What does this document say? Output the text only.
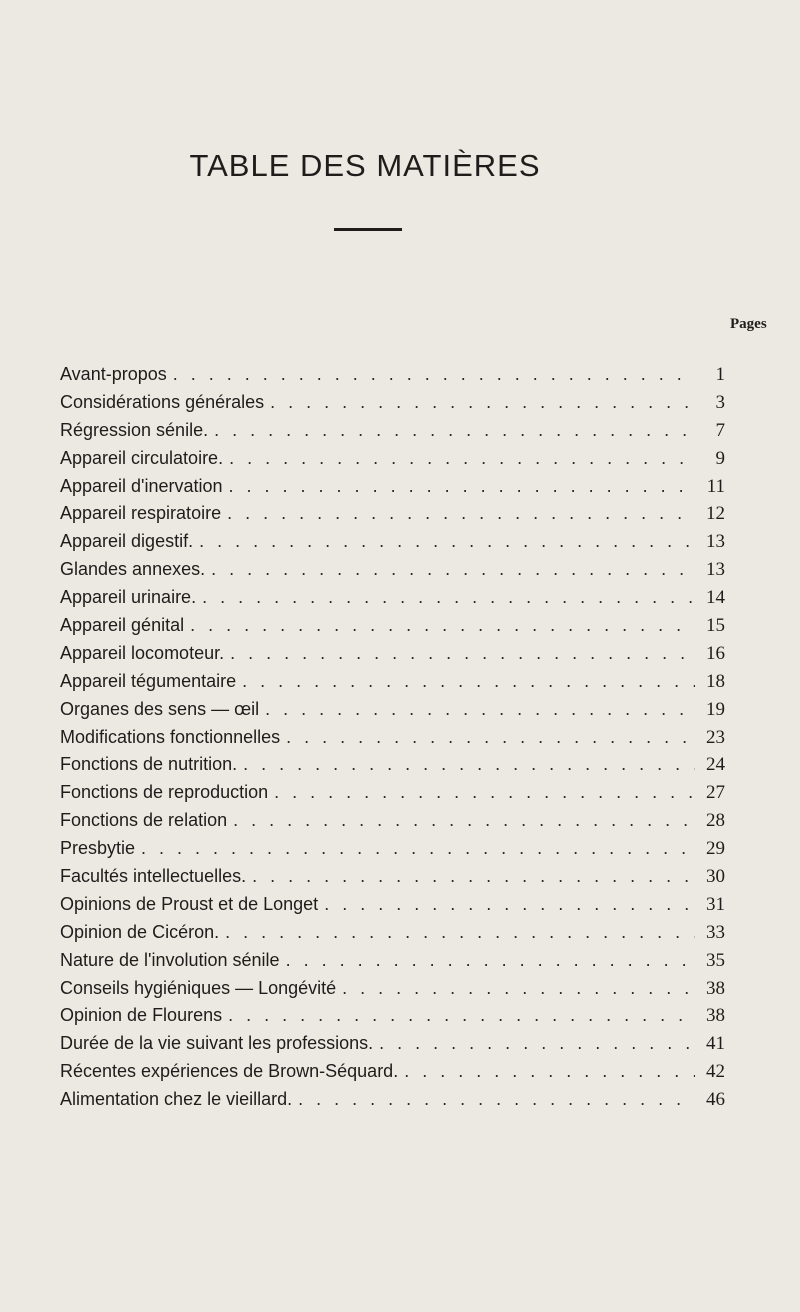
TABLE DES MATIÈRES
Pages
Avant-propos . . .	1
Considérations générales . . .	3
Régression sénile. . . .	7
Appareil circulatoire. . . .	9
Appareil d'inervation . . .	11
Appareil respiratoire . . .	12
Appareil digestif. . . .	13
Glandes annexes. . . .	13
Appareil urinaire. . . .	14
Appareil génital . . .	15
Appareil locomoteur. . . .	16
Appareil tégumentaire . . .	18
Organes des sens — œil . . .	19
Modifications fonctionnelles . . .	23
Fonctions de nutrition. . . .	24
Fonctions de reproduction . . .	27
Fonctions de relation . . .	28
Presbytie . . .	29
Facultés intellectuelles. . . .	30
Opinions de Proust et de Longet . . .	31
Opinion de Cicéron. . . .	33
Nature de l'involution sénile . . .	35
Conseils hygiéniques — Longévité . . .	38
Opinion de Flourens . . .	38
Durée de la vie suivant les professions. . . .	41
Récentes expériences de Brown-Séquard. . . .	42
Alimentation chez le vieillard. . . .	46
